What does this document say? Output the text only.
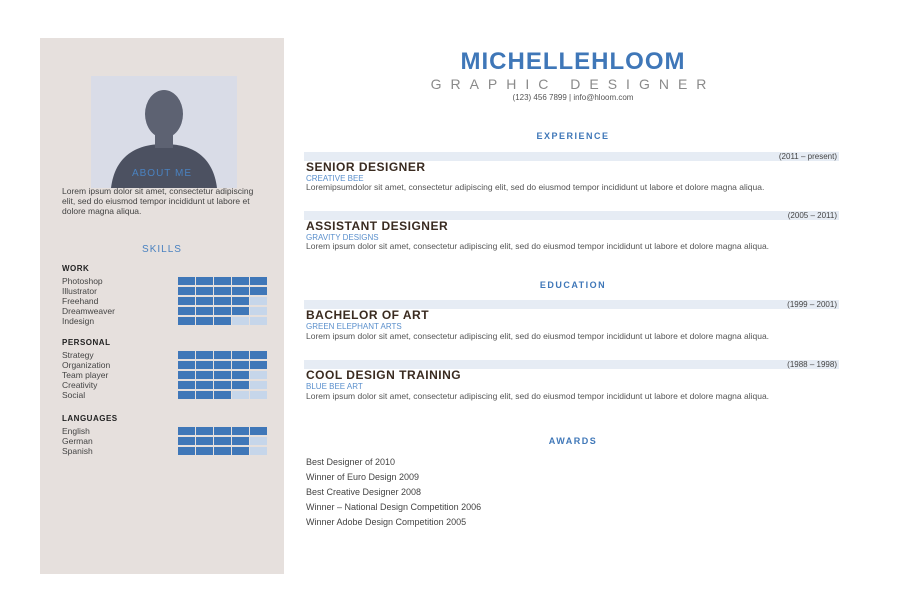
ABOUT ME
Lorem ipsum dolor sit amet, consectetur adipiscing elit, sed do eiusmod tempor incididunt ut labore et dolore magna aliqua.
SKILLS
WORK
Photoshop
Illustrator
Freehand
Dreamweaver
Indesign
PERSONAL
Strategy
Organization
Team player
Creativity
Social
LANGUAGES
English
German
Spanish
MICHELLEHLOOM
GRAPHIC DESIGNER
(123) 456 7899 | info@hloom.com
EXPERIENCE
(2011 – present)
SENIOR DESIGNER
CREATIVE BEE
Loremipsumdolor sit amet, consectetur adipiscing elit, sed do eiusmod tempor incididunt ut labore et dolore magna aliqua.
(2005 – 2011)
ASSISTANT DESIGNER
GRAVITY DESIGNS
Lorem ipsum dolor sit amet, consectetur adipiscing elit, sed do eiusmod tempor incididunt ut labore et dolore magna aliqua.
EDUCATION
(1999 – 2001)
BACHELOR OF ART
GREEN ELEPHANT ARTS
Lorem ipsum dolor sit amet, consectetur adipiscing elit, sed do eiusmod tempor incididunt ut labore et dolore magna aliqua.
(1988 – 1998)
COOL DESIGN TRAINING
BLUE BEE ART
Lorem ipsum dolor sit amet, consectetur adipiscing elit, sed do eiusmod tempor incididunt ut labore et dolore magna aliqua.
AWARDS
Best Designer of 2010
Winner of Euro Design 2009
Best Creative Designer 2008
Winner – National Design Competition 2006
Winner Adobe Design Competition 2005
